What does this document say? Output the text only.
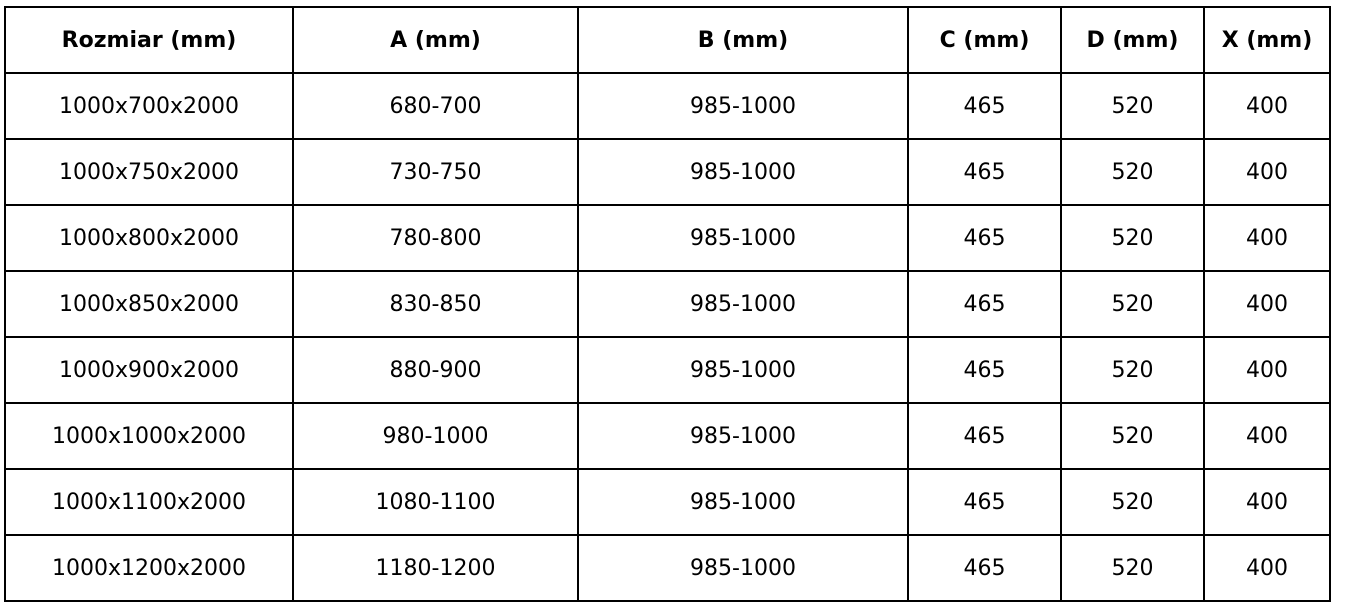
Rozmiar (mm)	A (mm)	B (mm)	C (mm)	D (mm)	X (mm)
1000x700x2000	680-700	985-1000	465	520	400
1000x750x2000	730-750	985-1000	465	520	400
1000x800x2000	780-800	985-1000	465	520	400
1000x850x2000	830-850	985-1000	465	520	400
1000x900x2000	880-900	985-1000	465	520	400
1000x1000x2000	980-1000	985-1000	465	520	400
1000x1100x2000	1080-1100	985-1000	465	520	400
1000x1200x2000	1180-1200	985-1000	465	520	400
